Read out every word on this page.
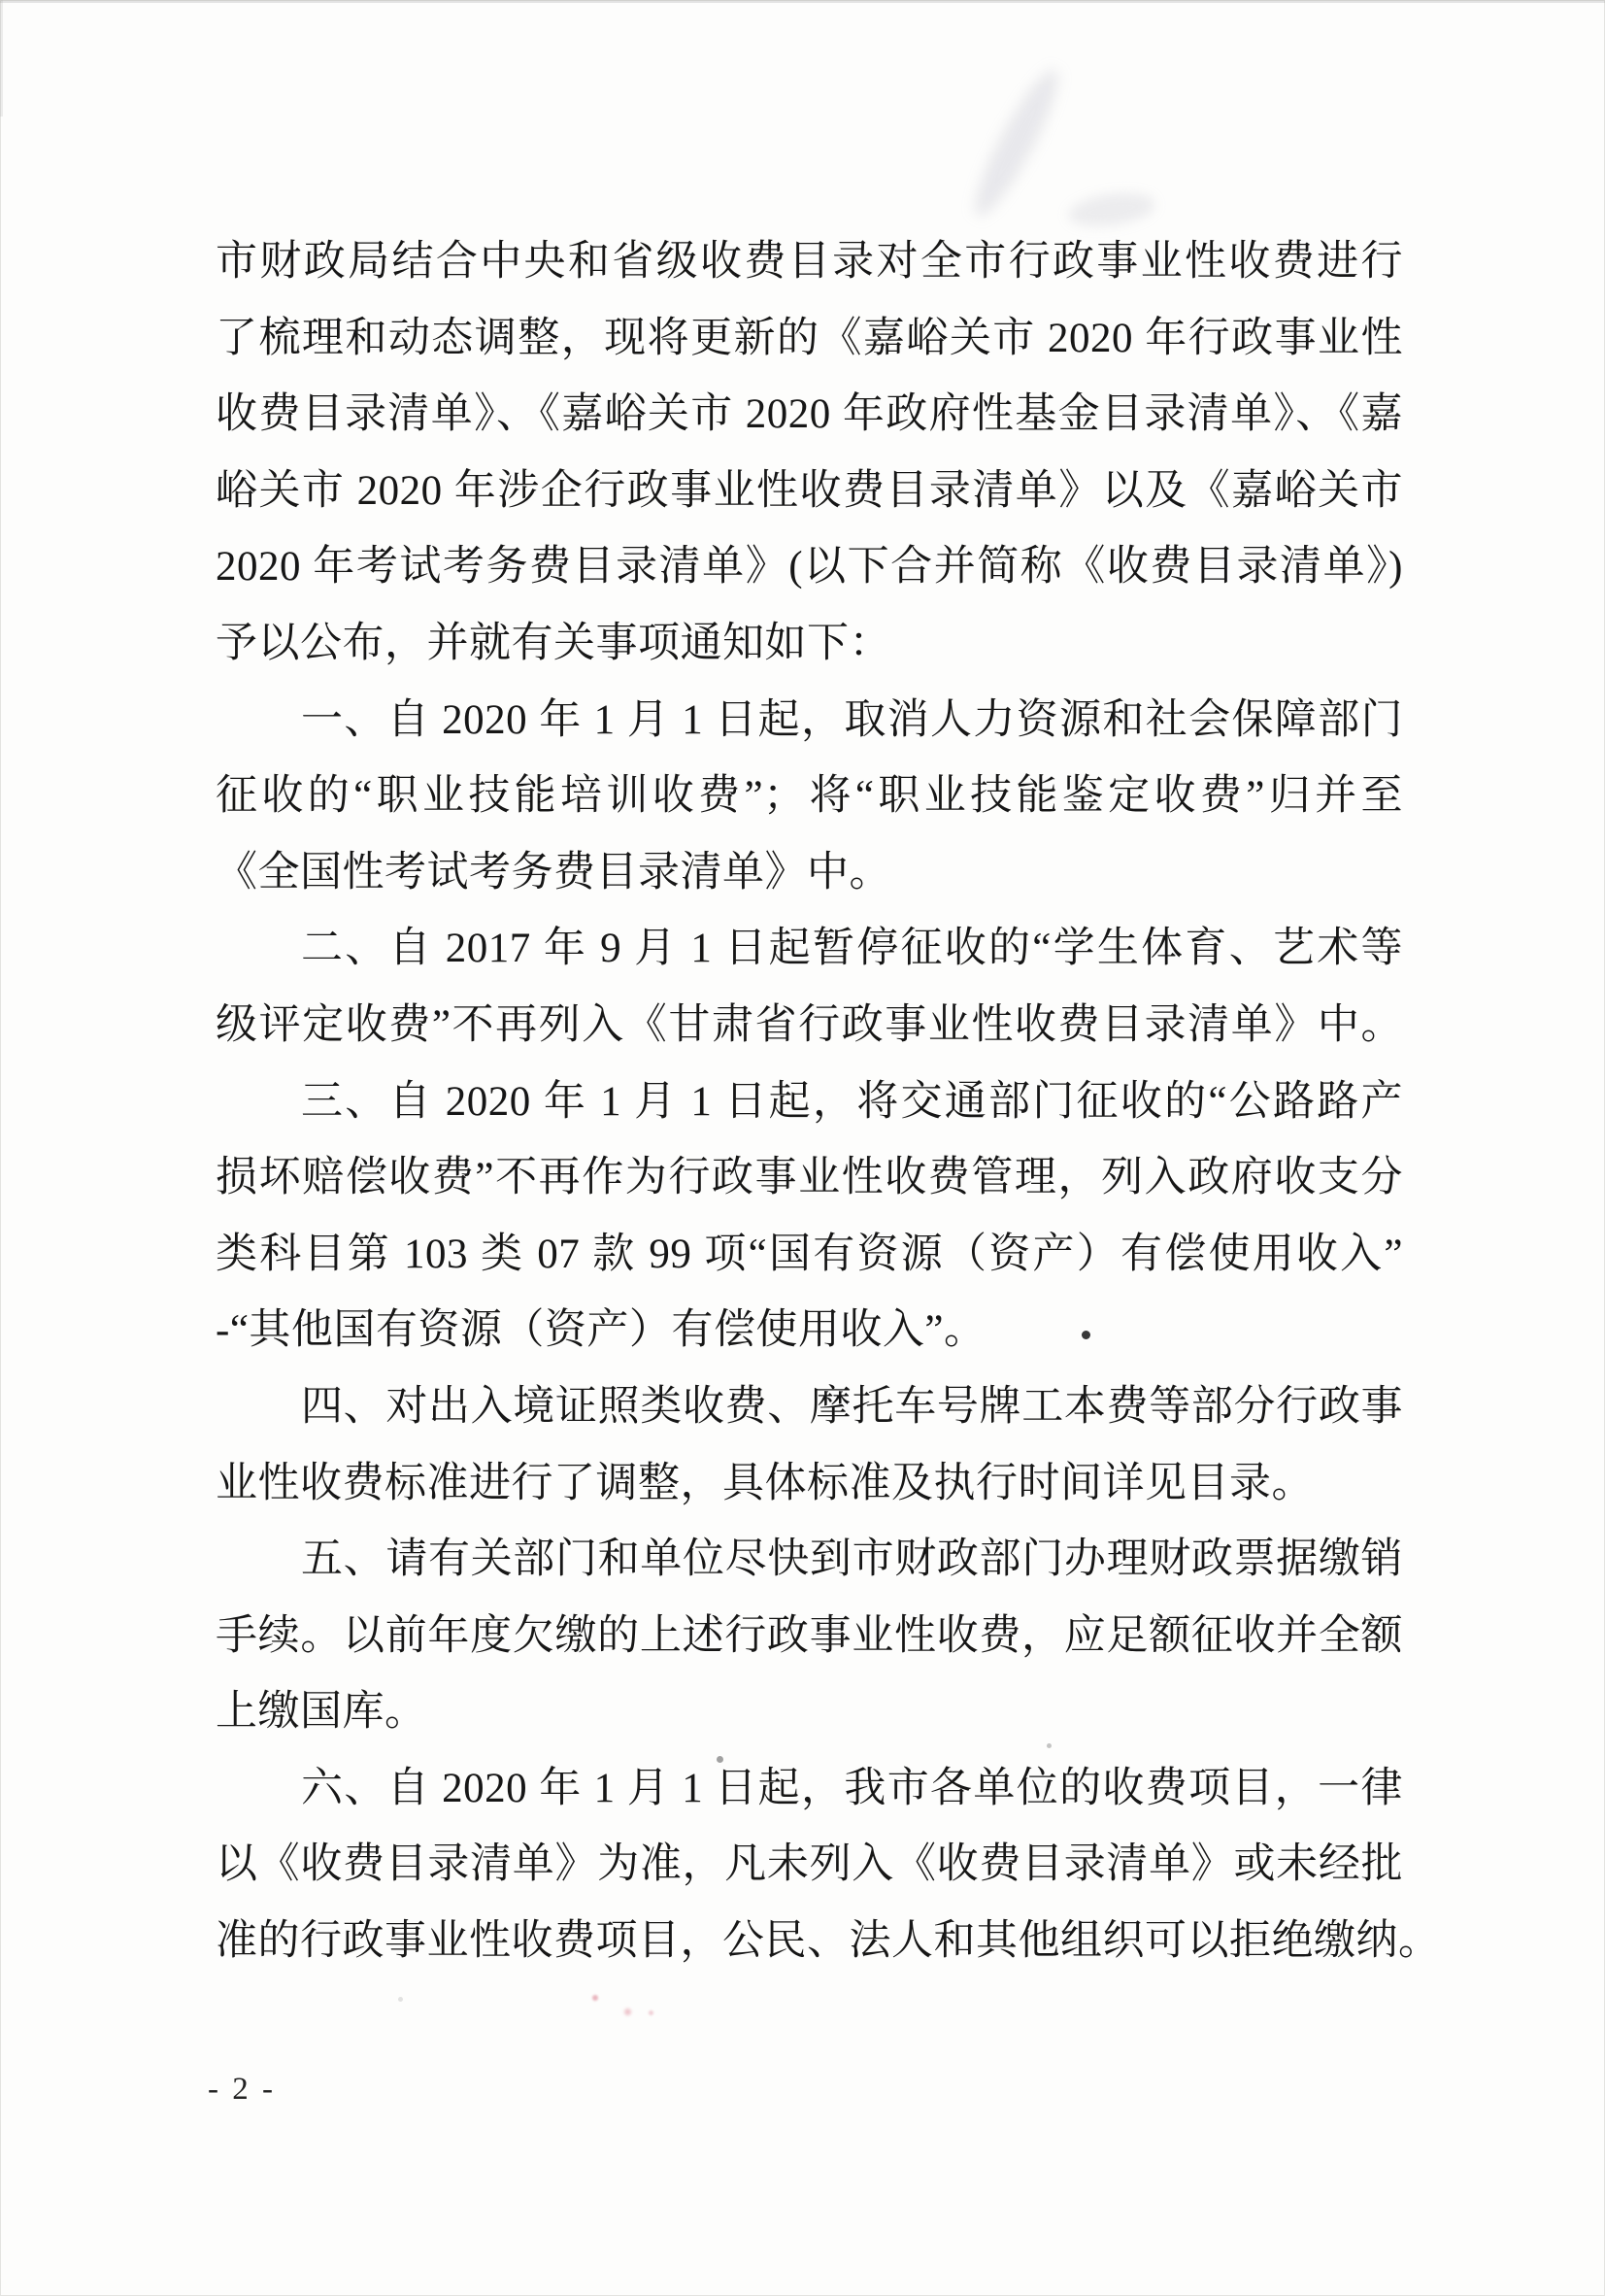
市财政局结合中央和省级收费目录对全市行政事业性收费进行
了梳理和动态调整，现将更新的《嘉峪关市 2020 年行政事业性
收费目录清单》、《嘉峪关市 2020 年政府性基金目录清单》、《嘉
峪关市 2020 年涉企行政事业性收费目录清单》以及《嘉峪关市
2020 年考试考务费目录清单》(以下合并简称《收费目录清单》)
予以公布，并就有关事项通知如下：
一、自 2020 年 1 月 1 日起，取消人力资源和社会保障部门
征收的“职业技能培训收费”；将“职业技能鉴定收费”归并至
《全国性考试考务费目录清单》中。
二、自 2017 年 9 月 1 日起暂停征收的“学生体育、艺术等
级评定收费”不再列入《甘肃省行政事业性收费目录清单》中。
三、自 2020 年 1 月 1 日起，将交通部门征收的“公路路产
损坏赔偿收费”不再作为行政事业性收费管理，列入政府收支分
类科目第 103 类 07 款 99 项“国有资源（资产）有偿使用收入”
-“其他国有资源（资产）有偿使用收入”。
四、对出入境证照类收费、摩托车号牌工本费等部分行政事
业性收费标准进行了调整，具体标准及执行时间详见目录。
五、请有关部门和单位尽快到市财政部门办理财政票据缴销
手续。以前年度欠缴的上述行政事业性收费，应足额征收并全额
上缴国库。
六、自 2020 年 1 月 1 日起，我市各单位的收费项目，一律
以《收费目录清单》为准，凡未列入《收费目录清单》或未经批
准的行政事业性收费项目，公民、法人和其他组织可以拒绝缴纳。
- 2 -
